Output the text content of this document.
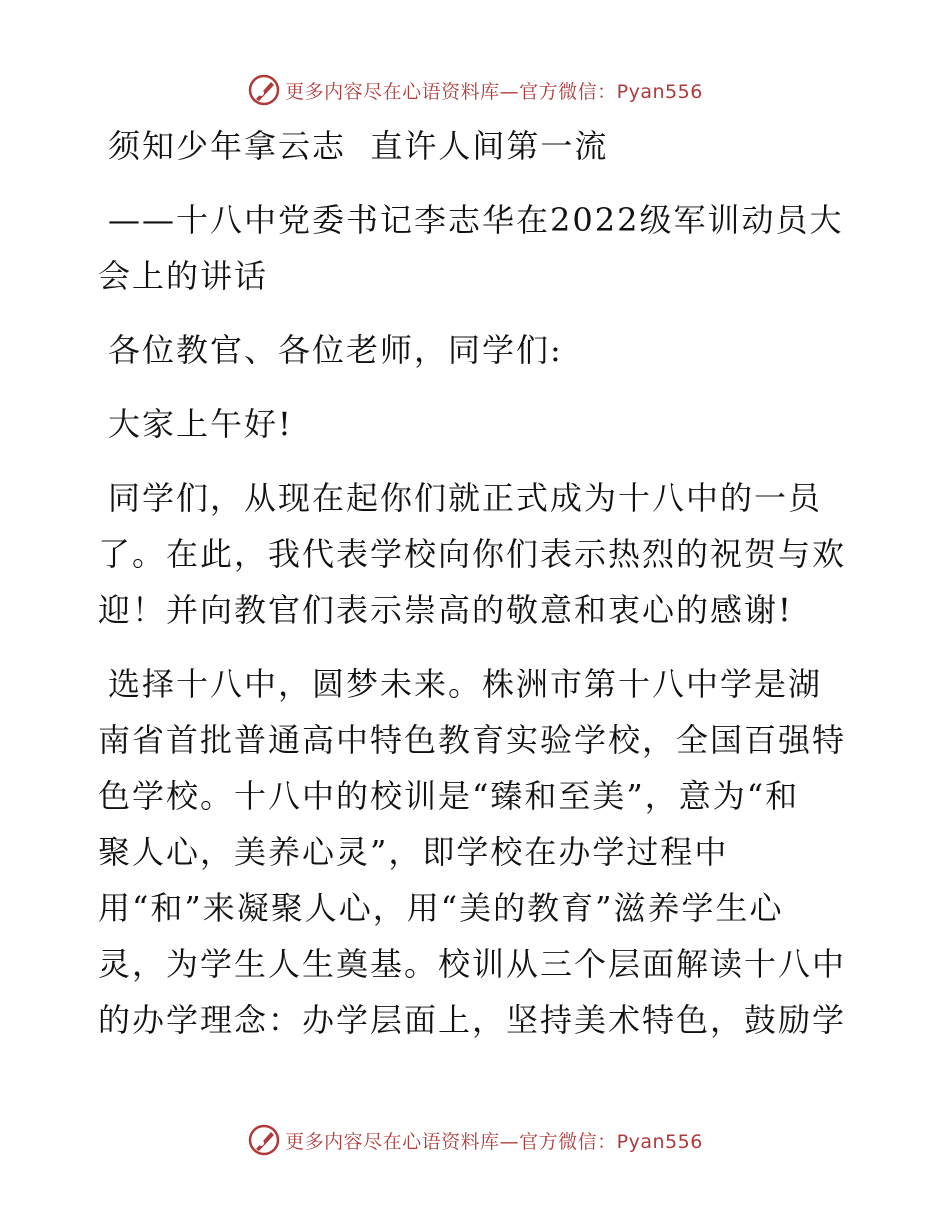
更多内容尽在心语资料库—官方微信：Pyan556
须知少年拿云志  直许人间第一流
——十八中党委书记李志华在2022级军训动员大
会上的讲话
各位教官、各位老师，同学们:
大家上午好!
同学们，从现在起你们就正式成为十八中的一员
了。在此，我代表学校向你们表示热烈的祝贺与欢
迎！并向教官们表示崇高的敬意和衷心的感谢!
选择十八中，圆梦未来。株洲市第十八中学是湖
南省首批普通高中特色教育实验学校，全国百强特
色学校。十八中的校训是“臻和至美”，意为“和
聚人心，美养心灵”，即学校在办学过程中
用“和”来凝聚人心，用“美的教育”滋养学生心
灵，为学生人生奠基。校训从三个层面解读十八中
的办学理念：办学层面上，坚持美术特色，鼓励学
更多内容尽在心语资料库—官方微信：Pyan556
